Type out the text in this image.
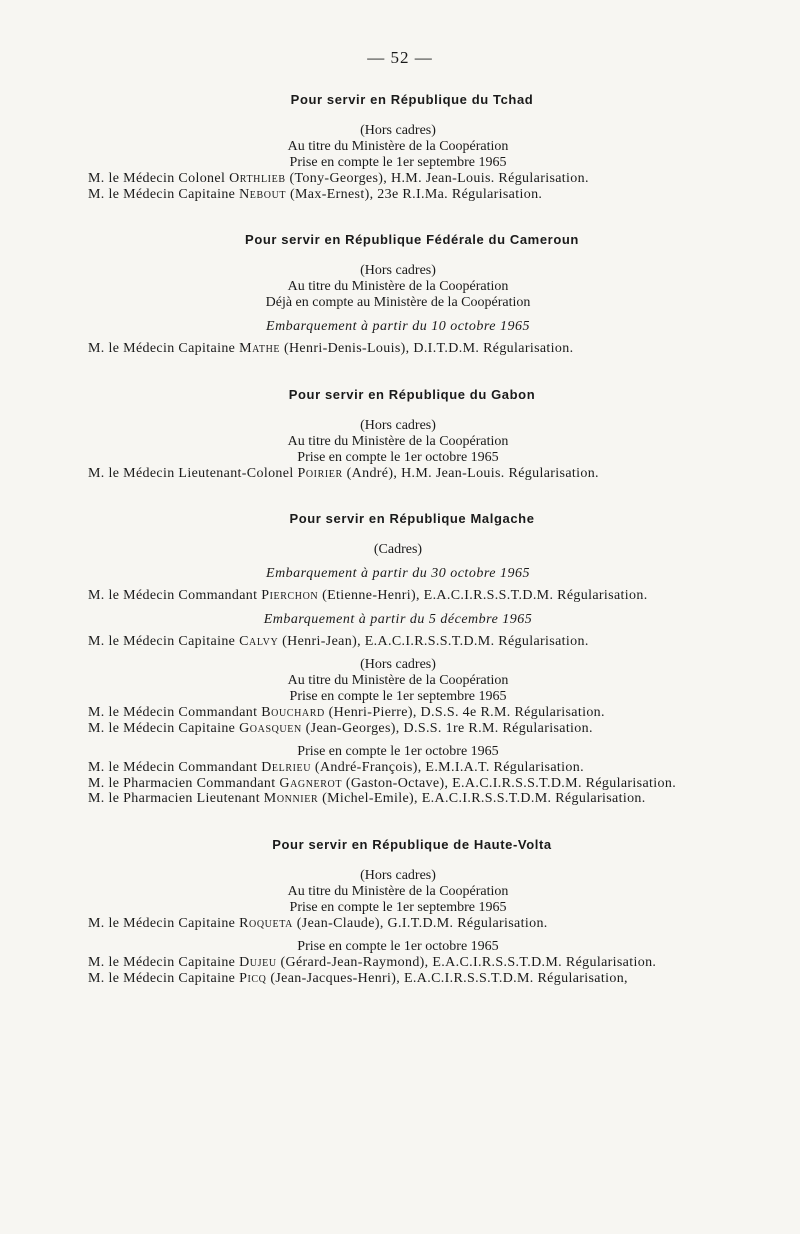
— 52 —
Pour servir en République du Tchad
(Hors cadres)
Au titre du Ministère de la Coopération
Prise en compte le 1er septembre 1965
M. le Médecin Colonel Orthlieb (Tony-Georges), H.M. Jean-Louis. Régularisation.
M. le Médecin Capitaine Nebout (Max-Ernest), 23e R.I.Ma. Régularisation.
Pour servir en République Fédérale du Cameroun
(Hors cadres)
Au titre du Ministère de la Coopération
Déjà en compte au Ministère de la Coopération
Embarquement à partir du 10 octobre 1965
M. le Médecin Capitaine Mathe (Henri-Denis-Louis), D.I.T.D.M. Régularisation.
Pour servir en République du Gabon
(Hors cadres)
Au titre du Ministère de la Coopération
Prise en compte le 1er octobre 1965
M. le Médecin Lieutenant-Colonel Poirier (André), H.M. Jean-Louis. Régularisation.
Pour servir en République Malgache
(Cadres)
Embarquement à partir du 30 octobre 1965
M. le Médecin Commandant Pierchon (Etienne-Henri), E.A.C.I.R.S.S.T.D.M. Régularisation.
Embarquement à partir du 5 décembre 1965
M. le Médecin Capitaine Calvy (Henri-Jean), E.A.C.I.R.S.S.T.D.M. Régularisation.
(Hors cadres)
Au titre du Ministère de la Coopération
Prise en compte le 1er septembre 1965
M. le Médecin Commandant Bouchard (Henri-Pierre), D.S.S. 4e R.M. Régularisation.
M. le Médecin Capitaine Goasquen (Jean-Georges), D.S.S. 1re R.M. Régularisation.
Prise en compte le 1er octobre 1965
M. le Médecin Commandant Delrieu (André-François), E.M.I.A.T. Régularisation.
M. le Pharmacien Commandant Gagnerot (Gaston-Octave), E.A.C.I.R.S.S.T.D.M. Régularisation.
M. le Pharmacien Lieutenant Monnier (Michel-Emile), E.A.C.I.R.S.S.T.D.M. Régularisation.
Pour servir en République de Haute-Volta
(Hors cadres)
Au titre du Ministère de la Coopération
Prise en compte le 1er septembre 1965
M. le Médecin Capitaine Roqueta (Jean-Claude), G.I.T.D.M. Régularisation.
Prise en compte le 1er octobre 1965
M. le Médecin Capitaine Dujeu (Gérard-Jean-Raymond), E.A.C.I.R.S.S.T.D.M. Régularisation.
M. le Médecin Capitaine Picq (Jean-Jacques-Henri), E.A.C.I.R.S.S.T.D.M. Régularisation,
